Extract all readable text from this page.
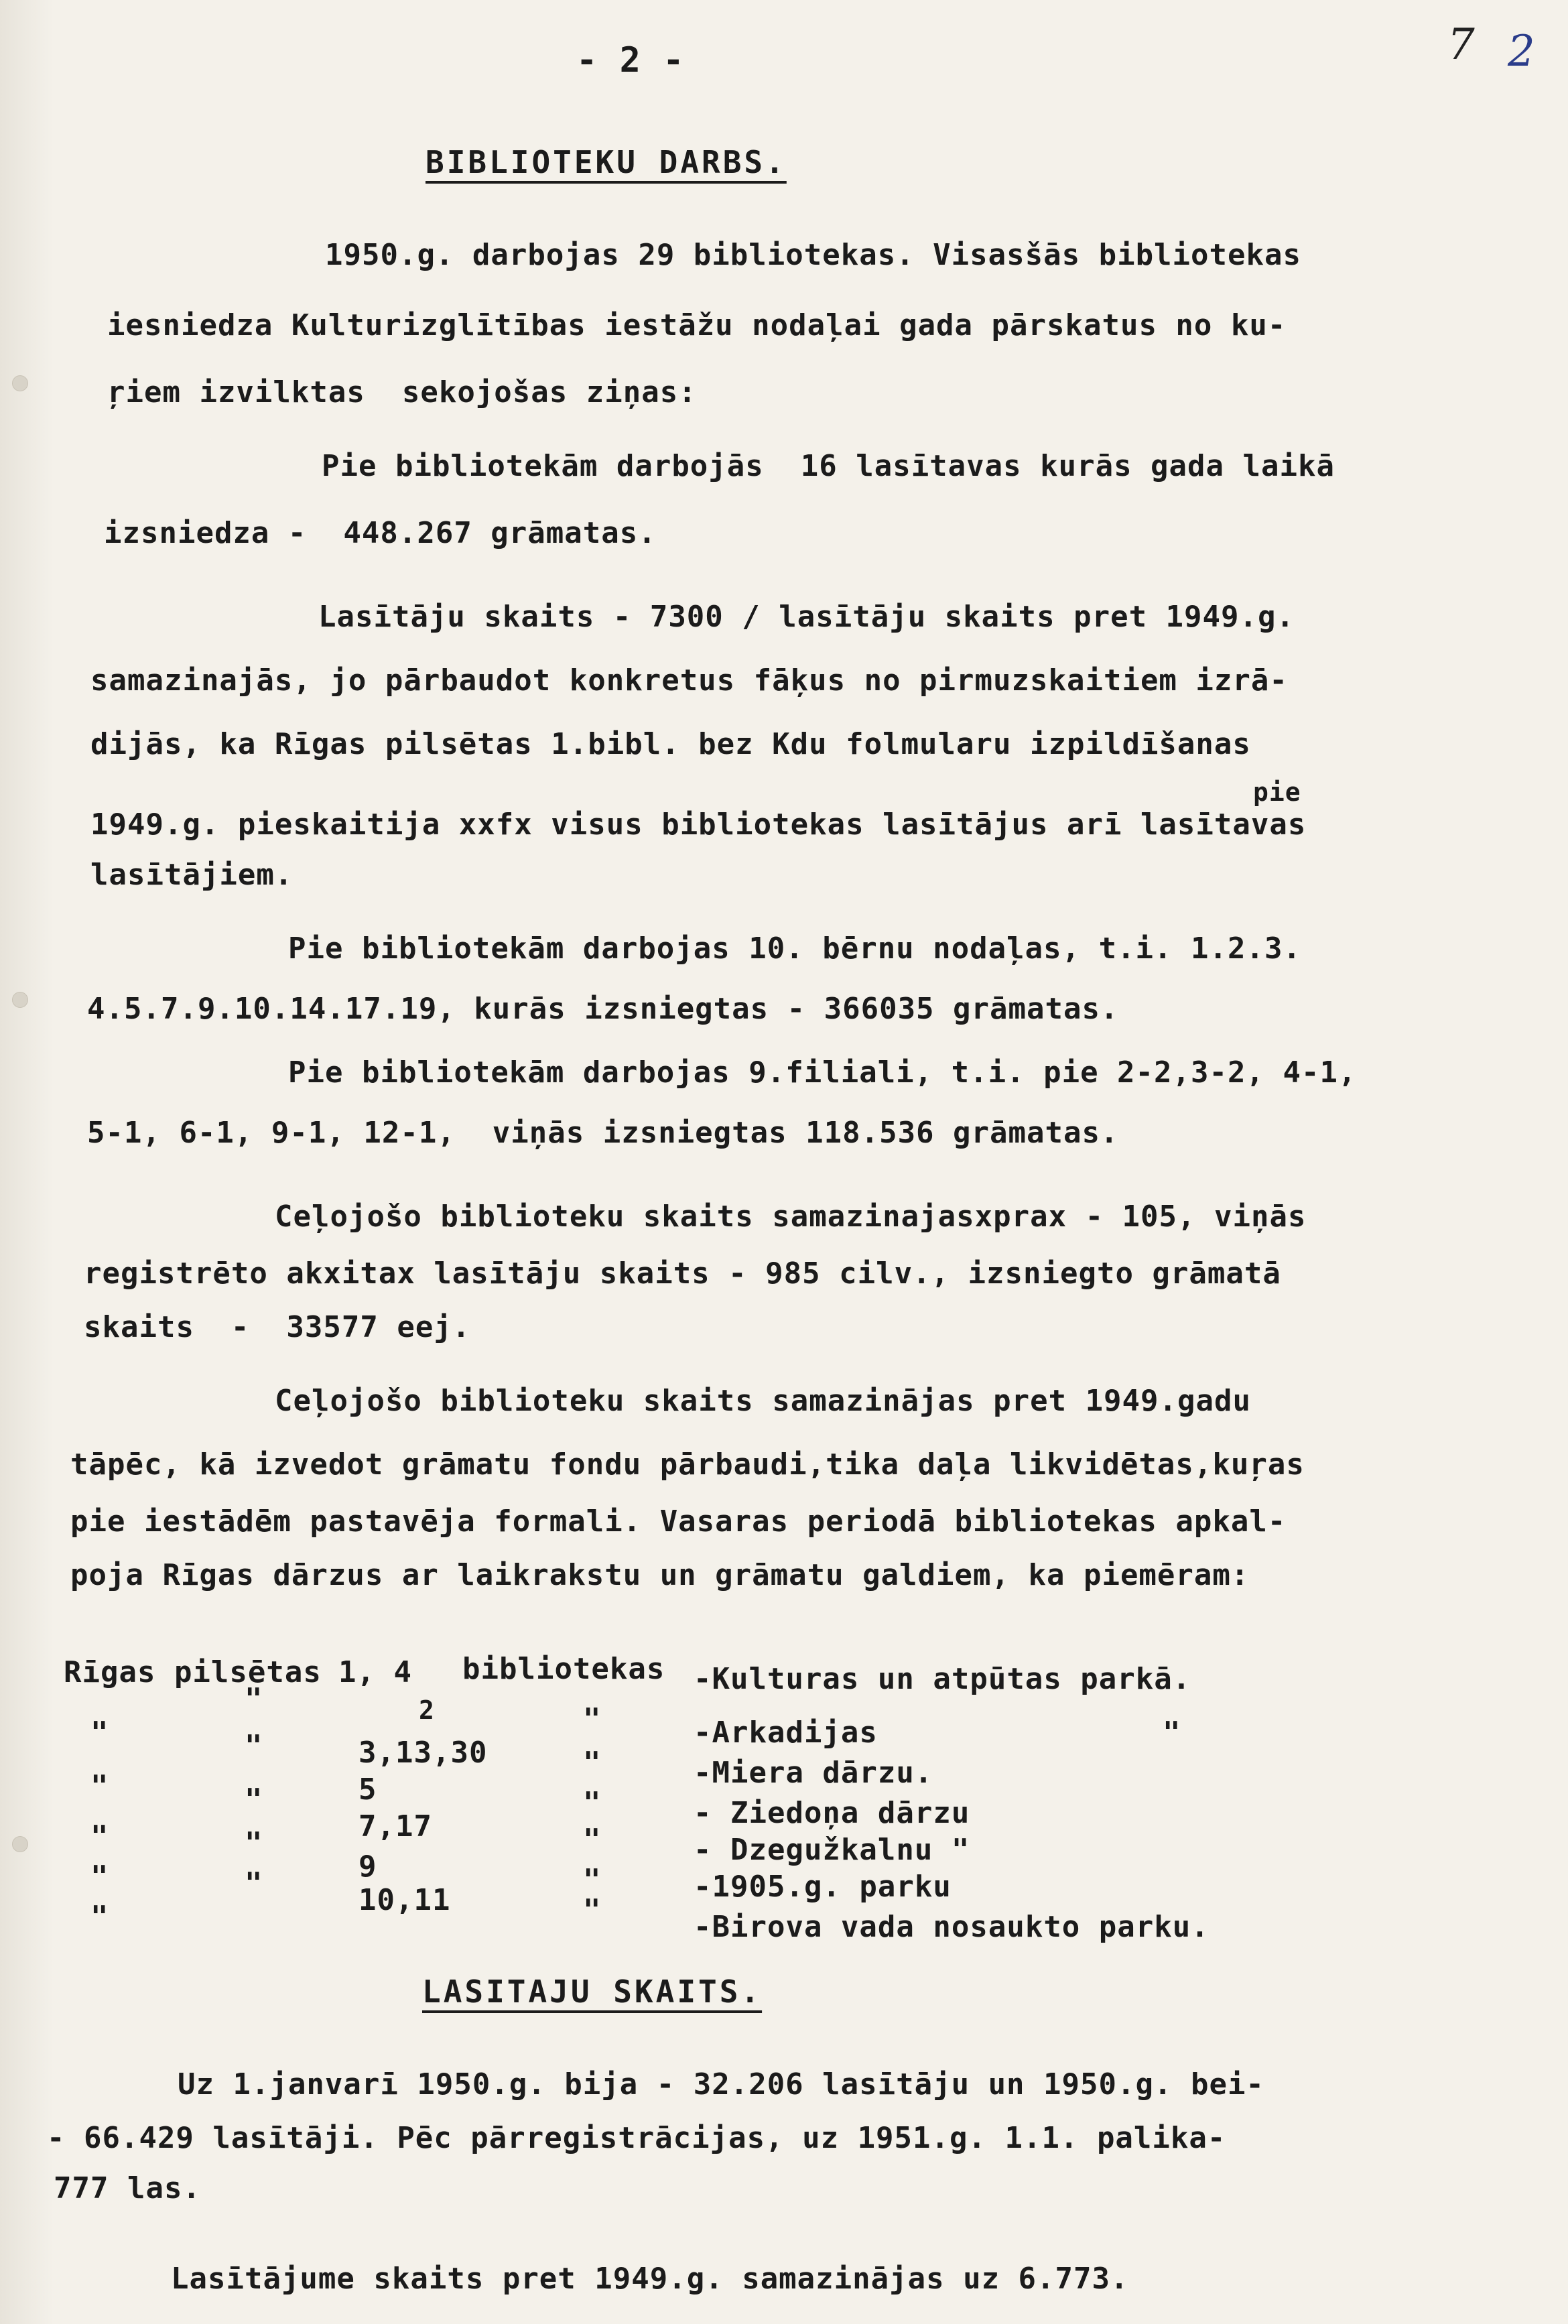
- 2 -	7 2
BIBLIOTEKU DARBS.
1950.g. darbojas 29 bibliotekas. Visasšās bibliotekas
iesniedza Kulturizglītības iestāžu nodaļai gada pārskatus no ku-
ŗiem izvilktas  sekojošas ziņas:
Pie bibliotekām darbojās  16 lasītavas kurās gada laikā
izsniedza -  448.267 grāmatas.
Lasītāju skaits - 7300 / lasītāju skaits pret 1949.g.
samazinajās, jo pārbaudot konkretus fāķus no pirmuzskaitiem izrā-
dijās, ka Rīgas pilsētas 1.bibl. bez Kdu folmularu izpildīšanas
pie
1949.g. pieskaitija xxfx visus bibliotekas lasītājus arī lasītavas
lasītājiem.
Pie bibliotekām darbojas 10. bērnu nodaļas, t.i. 1.2.3.
4.5.7.9.10.14.17.19, kurās izsniegtas - 366035 grāmatas.
Pie bibliotekām darbojas 9.filiali, t.i. pie 2-2,3-2, 4-1,
5-1, 6-1, 9-1, 12-1,  viņās izsniegtas 118.536 grāmatas.
Ceļojošo biblioteku skaits samazinajasxprax - 105, viņās
registrēto akxitax lasītāju skaits - 985 cilv., izsniegto grāmatā
skaits  -  33577 eej.
Ceļojošo biblioteku skaits samazinājas pret 1949.gadu
tāpēc, kā izvedot grāmatu fondu pārbaudi,tika daļa likvidētas,kuŗas
pie iestādēm pastavēja formali. Vasaras periodā bibliotekas apkal-
poja Rīgas dārzus ar laikrakstu un grāmatu galdiem, ka piemēram:
Rīgas pilsētas
"
"
"
"
"
"
"
"
"
"
1, 4
2
3,13,30
5
7,17
9
10,11
bibliotekas
"
"
"
"
"
"
-Kulturas un atpūtas parkā.
-Arkadijas	"
-Miera dārzu.
- Ziedoņa dārzu
- Dzegužkalnu "
-1905.g. parku
-Birova vada nosaukto parku.
LASITAJU SKAITS.
Uz 1.janvarī 1950.g. bija - 32.206 lasītāju un 1950.g. bei-
- 66.429 lasītāji. Pēc pārregistrācijas, uz 1951.g. 1.1. palika-
777 las.
Lasītājume skaits pret 1949.g. samazinājas uz 6.773.
